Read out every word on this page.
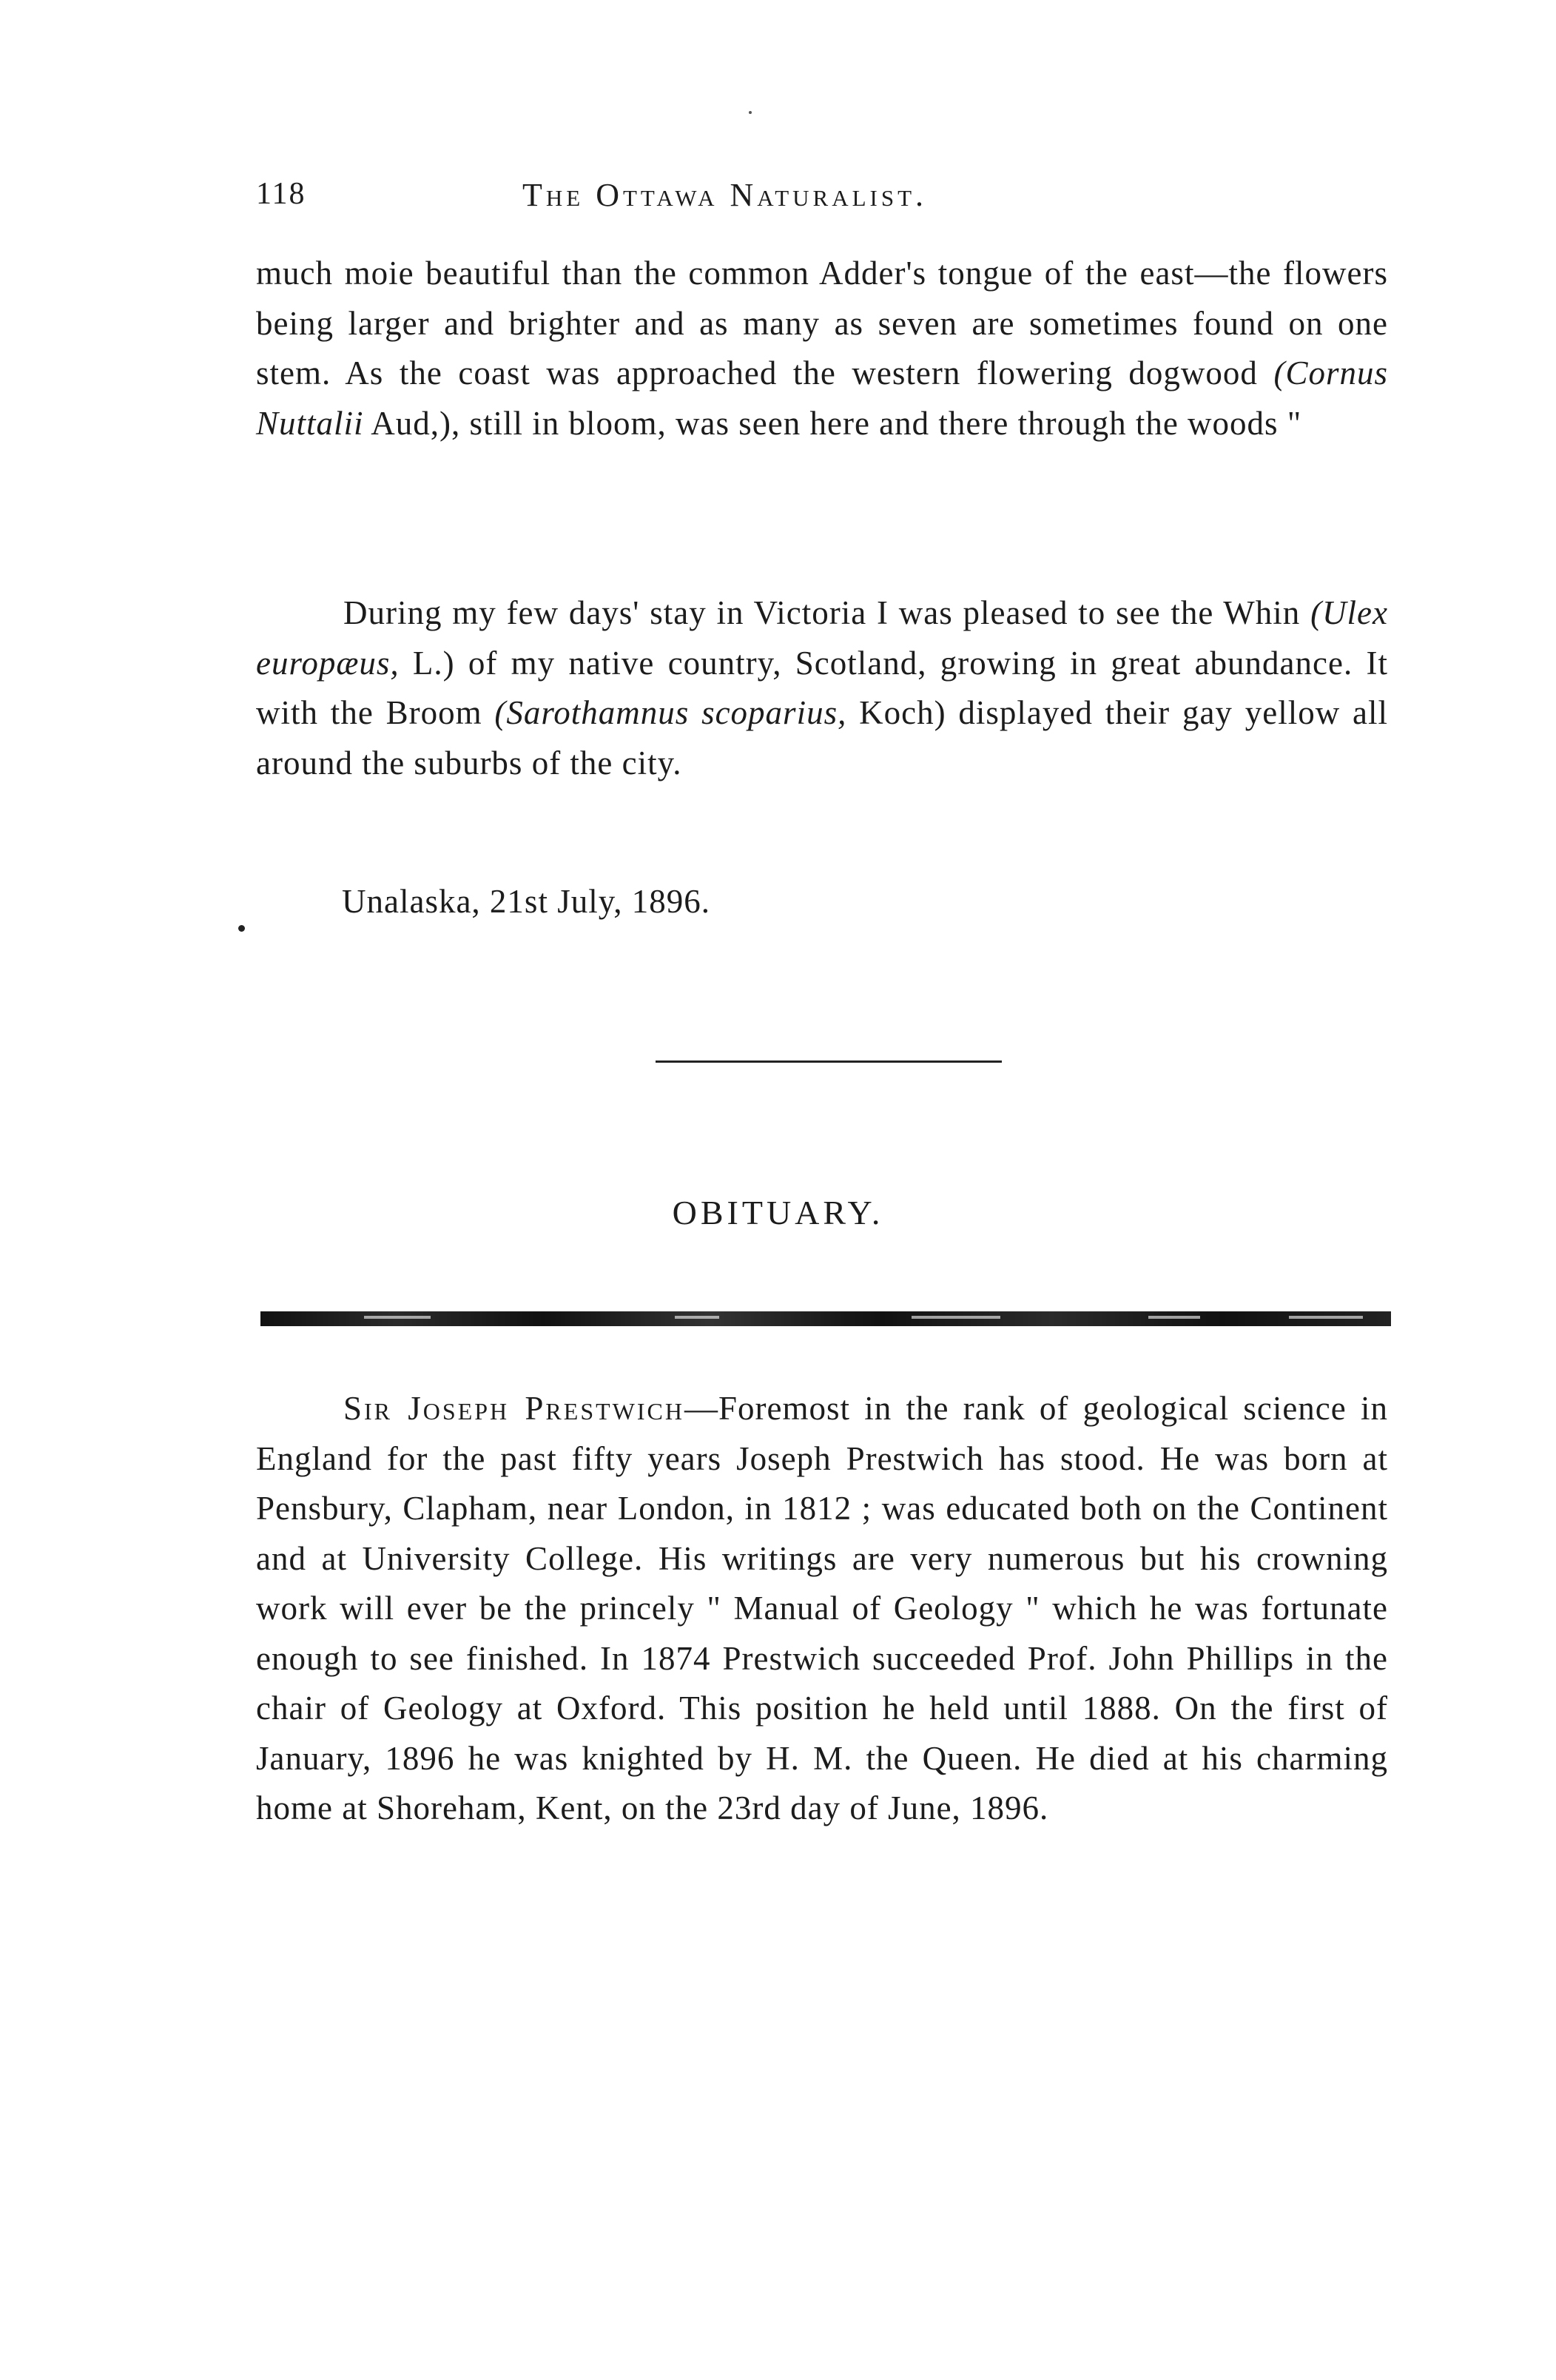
118	The Ottawa Naturalist.

much moie beautiful than the common Adder's tongue of the east—the flowers being larger and brighter and as many as seven are sometimes found on one stem. As the coast was approached the western flowering dogwood (Cornus Nuttalii Aud,), still in bloom, was seen here and there through the woods "

During my few days' stay in Victoria I was pleased to see the Whin (Ulex europæus, L.) of my native country, Scotland, growing in great abundance. It with the Broom (Sarothamnus scoparius, Koch) displayed their gay yellow all around the suburbs of the city.

Unalaska, 21st July, 1896.
OBITUARY.

Sir Joseph Prestwich—Foremost in the rank of geological science in England for the past fifty years Joseph Prestwich has stood. He was born at Pensbury, Clapham, near London, in 1812 ; was educated both on the Continent and at University College. His writings are very numerous but his crowning work will ever be the princely " Manual of Geology " which he was fortunate enough to see finished. In 1874 Prestwich succeeded Prof. John Phillips in the chair of Geology at Oxford. This position he held until 1888. On the first of January, 1896 he was knighted by H. M. the Queen. He died at his charming home at Shoreham, Kent, on the 23rd day of June, 1896.
